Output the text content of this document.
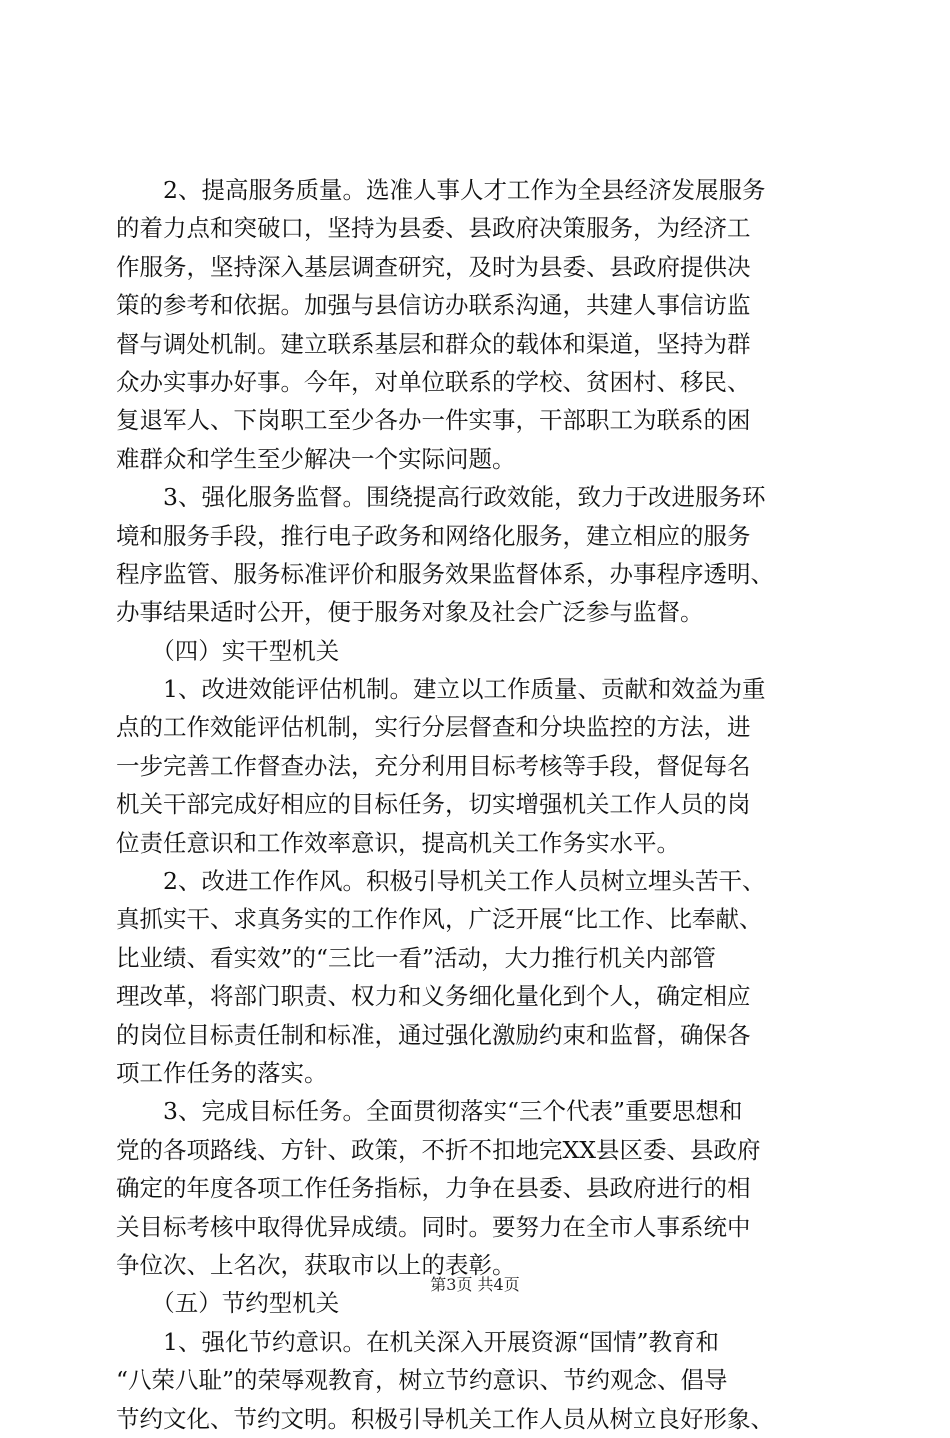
　　2、提高服务质量。选准人事人才工作为全县经济发展服务
的着力点和突破口，坚持为县委、县政府决策服务，为经济工
作服务，坚持深入基层调查研究，及时为县委、县政府提供决
策的参考和依据。加强与县信访办联系沟通，共建人事信访监
督与调处机制。建立联系基层和群众的载体和渠道，坚持为群
众办实事办好事。今年，对单位联系的学校、贫困村、移民、
复退军人、下岗职工至少各办一件实事，干部职工为联系的困
难群众和学生至少解决一个实际问题。
　　3、强化服务监督。围绕提高行政效能，致力于改进服务环
境和服务手段，推行电子政务和网络化服务，建立相应的服务
程序监管、服务标准评价和服务效果监督体系，办事程序透明、
办事结果适时公开，便于服务对象及社会广泛参与监督。
　　（四）实干型机关
　　1、改进效能评估机制。建立以工作质量、贡献和效益为重
点的工作效能评估机制，实行分层督查和分块监控的方法，进
一步完善工作督查办法，充分利用目标考核等手段，督促每名
机关干部完成好相应的目标任务，切实增强机关工作人员的岗
位责任意识和工作效率意识，提高机关工作务实水平。
　　2、改进工作作风。积极引导机关工作人员树立埋头苦干、
真抓实干、求真务实的工作作风，广泛开展“比工作、比奉献、
比业绩、看实效”的“三比一看”活动，大力推行机关内部管
理改革，将部门职责、权力和义务细化量化到个人，确定相应
的岗位目标责任制和标准，通过强化激励约束和监督，确保各
项工作任务的落实。
　　3、完成目标任务。全面贯彻落实“三个代表”重要思想和
党的各项路线、方针、政策，不折不扣地完XX县区委、县政府
确定的年度各项工作任务指标，力争在县委、县政府进行的相
关目标考核中取得优异成绩。同时。要努力在全市人事系统中
争位次、上名次，获取市以上的表彰。
　　（五）节约型机关
　　1、强化节约意识。在机关深入开展资源“国情”教育和
“八荣八耻”的荣辱观教育，树立节约意识、节约观念、倡导
节约文化、节约文明。积极引导机关工作人员从树立良好形象、
第3页 共4页
